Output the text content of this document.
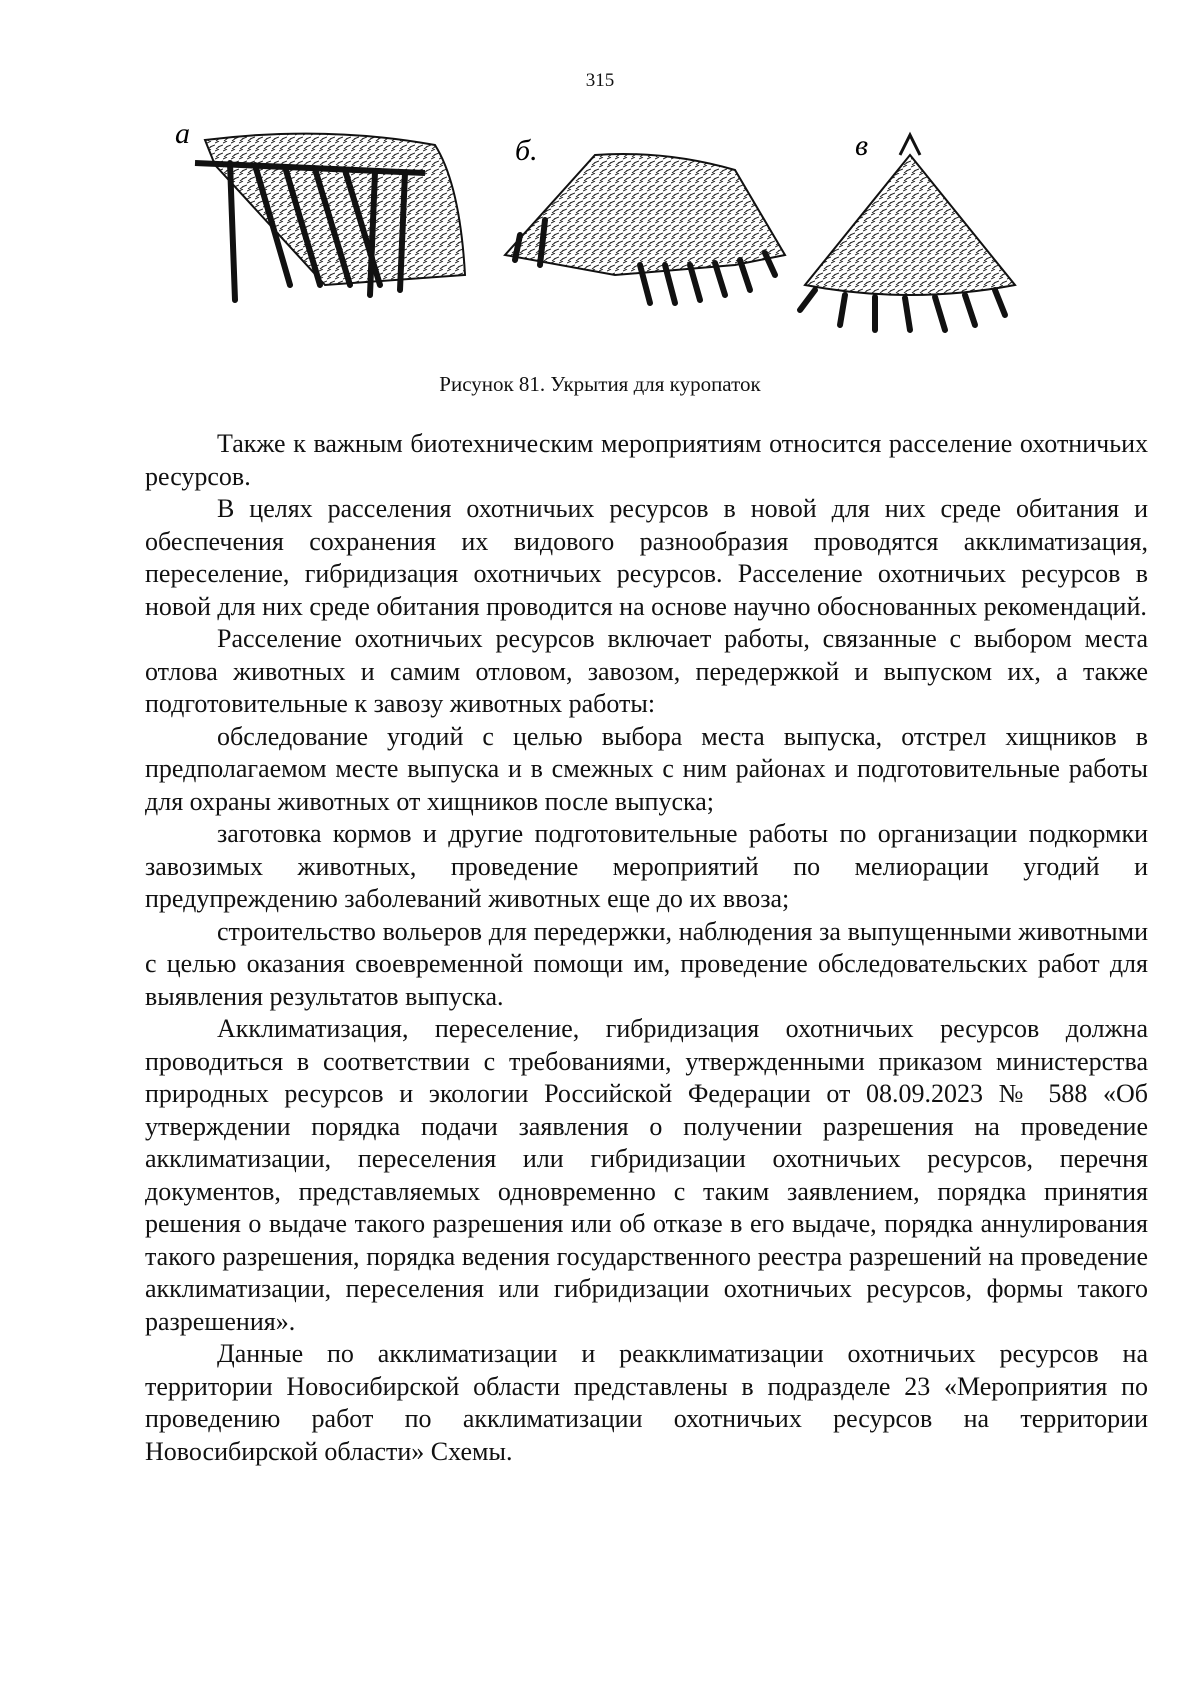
315
а
б.	в
Рисунок 81. Укрытия для куропаток

Также к важным биотехническим мероприятиям относится расселение охотничьих ресурсов.

В целях расселения охотничьих ресурсов в новой для них среде обитания и обеспечения сохранения их видового разнообразия проводятся акклиматизация, переселение, гибридизация охотничьих ресурсов. Расселение охотничьих ресурсов в новой для них среде обитания проводится на основе научно обоснованных рекомендаций.

Расселение охотничьих ресурсов включает работы, связанные с выбором места отлова животных и самим отловом, завозом, передержкой и выпуском их, а также подготовительные к завозу животных работы:

обследование угодий с целью выбора места выпуска, отстрел хищников в предполагаемом месте выпуска и в смежных с ним районах и подготовительные работы для охраны животных от хищников после выпуска;

заготовка кормов и другие подготовительные работы по организации подкормки завозимых животных, проведение мероприятий по мелиорации угодий и предупреждению заболеваний животных еще до их ввоза;

строительство вольеров для передержки, наблюдения за выпущенными животными с целью оказания своевременной помощи им, проведение обследовательских работ для выявления результатов выпуска.

Акклиматизация, переселение, гибридизация охотничьих ресурсов должна проводиться в соответствии с требованиями, утвержденными приказом министерства природных ресурсов и экологии Российской Федерации от 08.09.2023 № 588 «Об утверждении порядка подачи заявления о получении разрешения на проведение акклиматизации, переселения или гибридизации охотничьих ресурсов, перечня документов, представляемых одновременно с таким заявлением, порядка принятия решения о выдаче такого разрешения или об отказе в его выдаче, порядка аннулирования такого разрешения, порядка ведения государственного реестра разрешений на проведение акклиматизации, переселения или гибридизации охотничьих ресурсов, формы такого разрешения».

Данные по акклиматизации и реакклиматизации охотничьих ресурсов на территории Новосибирской области представлены в подразделе 23 «Мероприятия по проведению работ по акклиматизации охотничьих ресурсов на территории Новосибирской области» Схемы.
